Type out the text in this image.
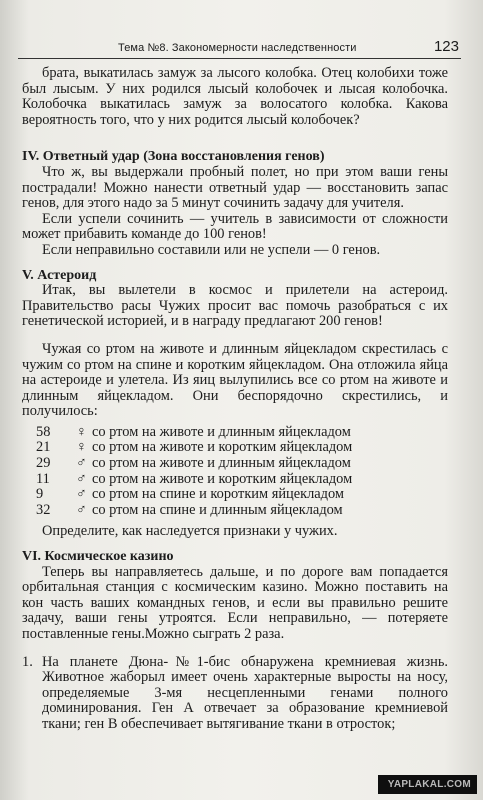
Тема №8. Закономерности наследственности	123

брата, выкатилась замуж за лысого колобка. Отец колобихи тоже был лысым. У них родился лысый колобочек и лысая колобочка. Колобочка выкатилась замуж за волосатого колобка. Какова вероятность того, что у них родится лысый колобочек?

IV. Ответный удар (Зона восстановления генов)

Что ж, вы выдержали пробный полет, но при этом ваши гены пострадали! Можно нанести ответный удар — восстановить запас генов, для этого надо за 5 минут сочинить задачу для учителя.

Если успели сочинить — учитель в зависимости от сложности может прибавить команде до 100 генов!

Если неправильно составили или не успели — 0 генов.

V. Астероид

Итак, вы вылетели в космос и прилетели на астероид. Правительство расы Чужих просит вас помочь разобраться с их генетической историей, и в награду предлагают 200 генов!

Чужая со ртом на животе и длинным яйцекладом скрестилась с чужим со ртом на спине и коротким яйцекладом. Она отложила яйца на астероиде и улетела. Из яиц вылупились все со ртом на животе и длинным яйцекладом. Они беспорядочно скрестились, и получилось:

58	♀ со ртом на животе и длинным яйцекладом
21	♀ со ртом на животе и коротким яйцекладом
29	♂ со ртом на животе и длинным яйцекладом
11	♂ со ртом на животе и коротким яйцекладом
9	♂ со ртом на спине и коротким яйцекладом
32	♂ со ртом на спине и длинным яйцекладом

Определите, как наследуется признаки у чужих.

VI. Космическое казино

Теперь вы направляетесь дальше, и по дороге вам попадается орбитальная станция с космическим казино. Можно поставить на кон часть ваших командных генов, и если вы правильно решите задачу, ваши гены утроятся. Если неправильно, — потеряете поставленные гены.Можно сыграть 2 раза.

1. На планете Дюна-№1-бис обнаружена кремниевая жизнь. Животное жаборыл имеет очень характерные выросты на носу, определяемые 3-мя несцепленными генами полного доминирования. Ген А отвечает за образование кремниевой ткани; ген В обеспечивает вытягивание ткани в отросток;
YAPLAKAL.COM
